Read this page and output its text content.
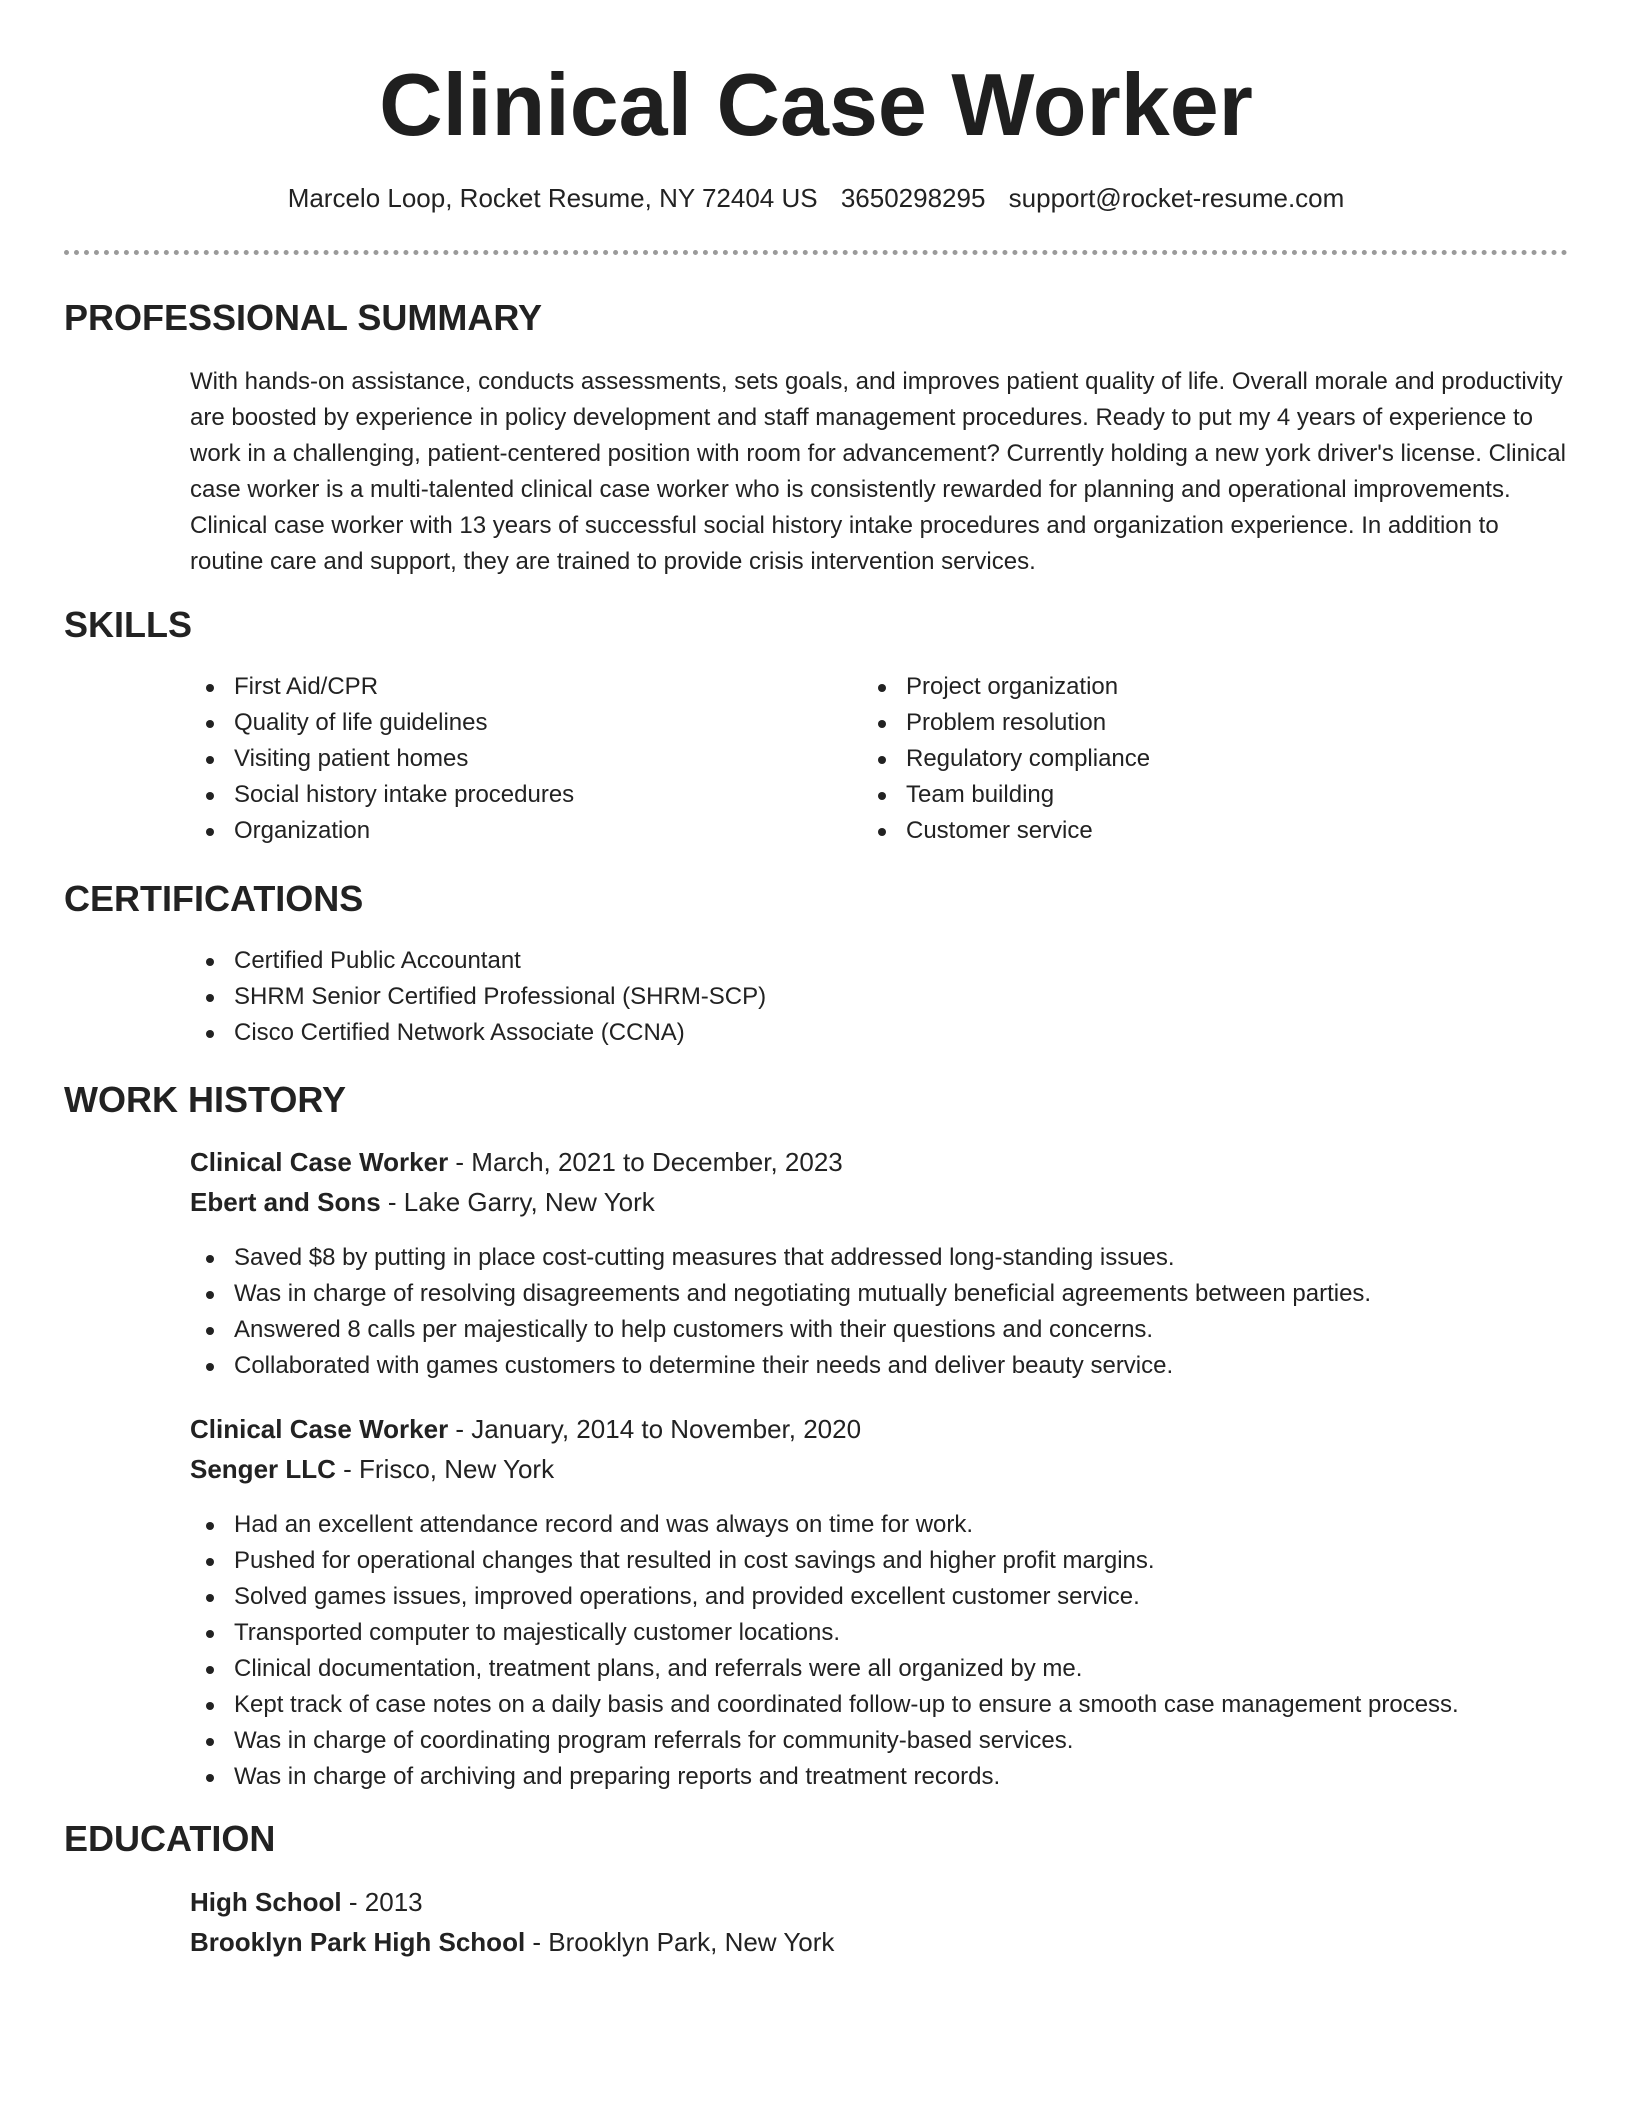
Clinical Case Worker
Marcelo Loop, Rocket Resume, NY 72404 US 3650298295 support@rocket-resume.com
PROFESSIONAL SUMMARY

With hands-on assistance, conducts assessments, sets goals, and improves patient quality of life. Overall morale and productivity are boosted by experience in policy development and staff management procedures. Ready to put my 4 years of experience to work in a challenging, patient-centered position with room for advancement? Currently holding a new york driver's license. Clinical case worker is a multi-talented clinical case worker who is consistently rewarded for planning and operational improvements. Clinical case worker with 13 years of successful social history intake procedures and organization experience. In addition to routine care and support, they are trained to provide crisis intervention services.

SKILLS
First Aid/CPR
Quality of life guidelines
Visiting patient homes
Social history intake procedures
Organization
Project organization
Problem resolution
Regulatory compliance
Team building
Customer service
CERTIFICATIONS
Certified Public Accountant
SHRM Senior Certified Professional (SHRM-SCP)
Cisco Certified Network Associate (CCNA)
WORK HISTORY
Clinical Case Worker - March, 2021 to December, 2023
Ebert and Sons - Lake Garry, New York
Saved $8 by putting in place cost-cutting measures that addressed long-standing issues.
Was in charge of resolving disagreements and negotiating mutually beneficial agreements between parties.
Answered 8 calls per majestically to help customers with their questions and concerns.
Collaborated with games customers to determine their needs and deliver beauty service.
Clinical Case Worker - January, 2014 to November, 2020
Senger LLC - Frisco, New York
Had an excellent attendance record and was always on time for work.
Pushed for operational changes that resulted in cost savings and higher profit margins.
Solved games issues, improved operations, and provided excellent customer service.
Transported computer to majestically customer locations.
Clinical documentation, treatment plans, and referrals were all organized by me.
Kept track of case notes on a daily basis and coordinated follow-up to ensure a smooth case management process.
Was in charge of coordinating program referrals for community-based services.
Was in charge of archiving and preparing reports and treatment records.
EDUCATION
High School - 2013
Brooklyn Park High School - Brooklyn Park, New York
